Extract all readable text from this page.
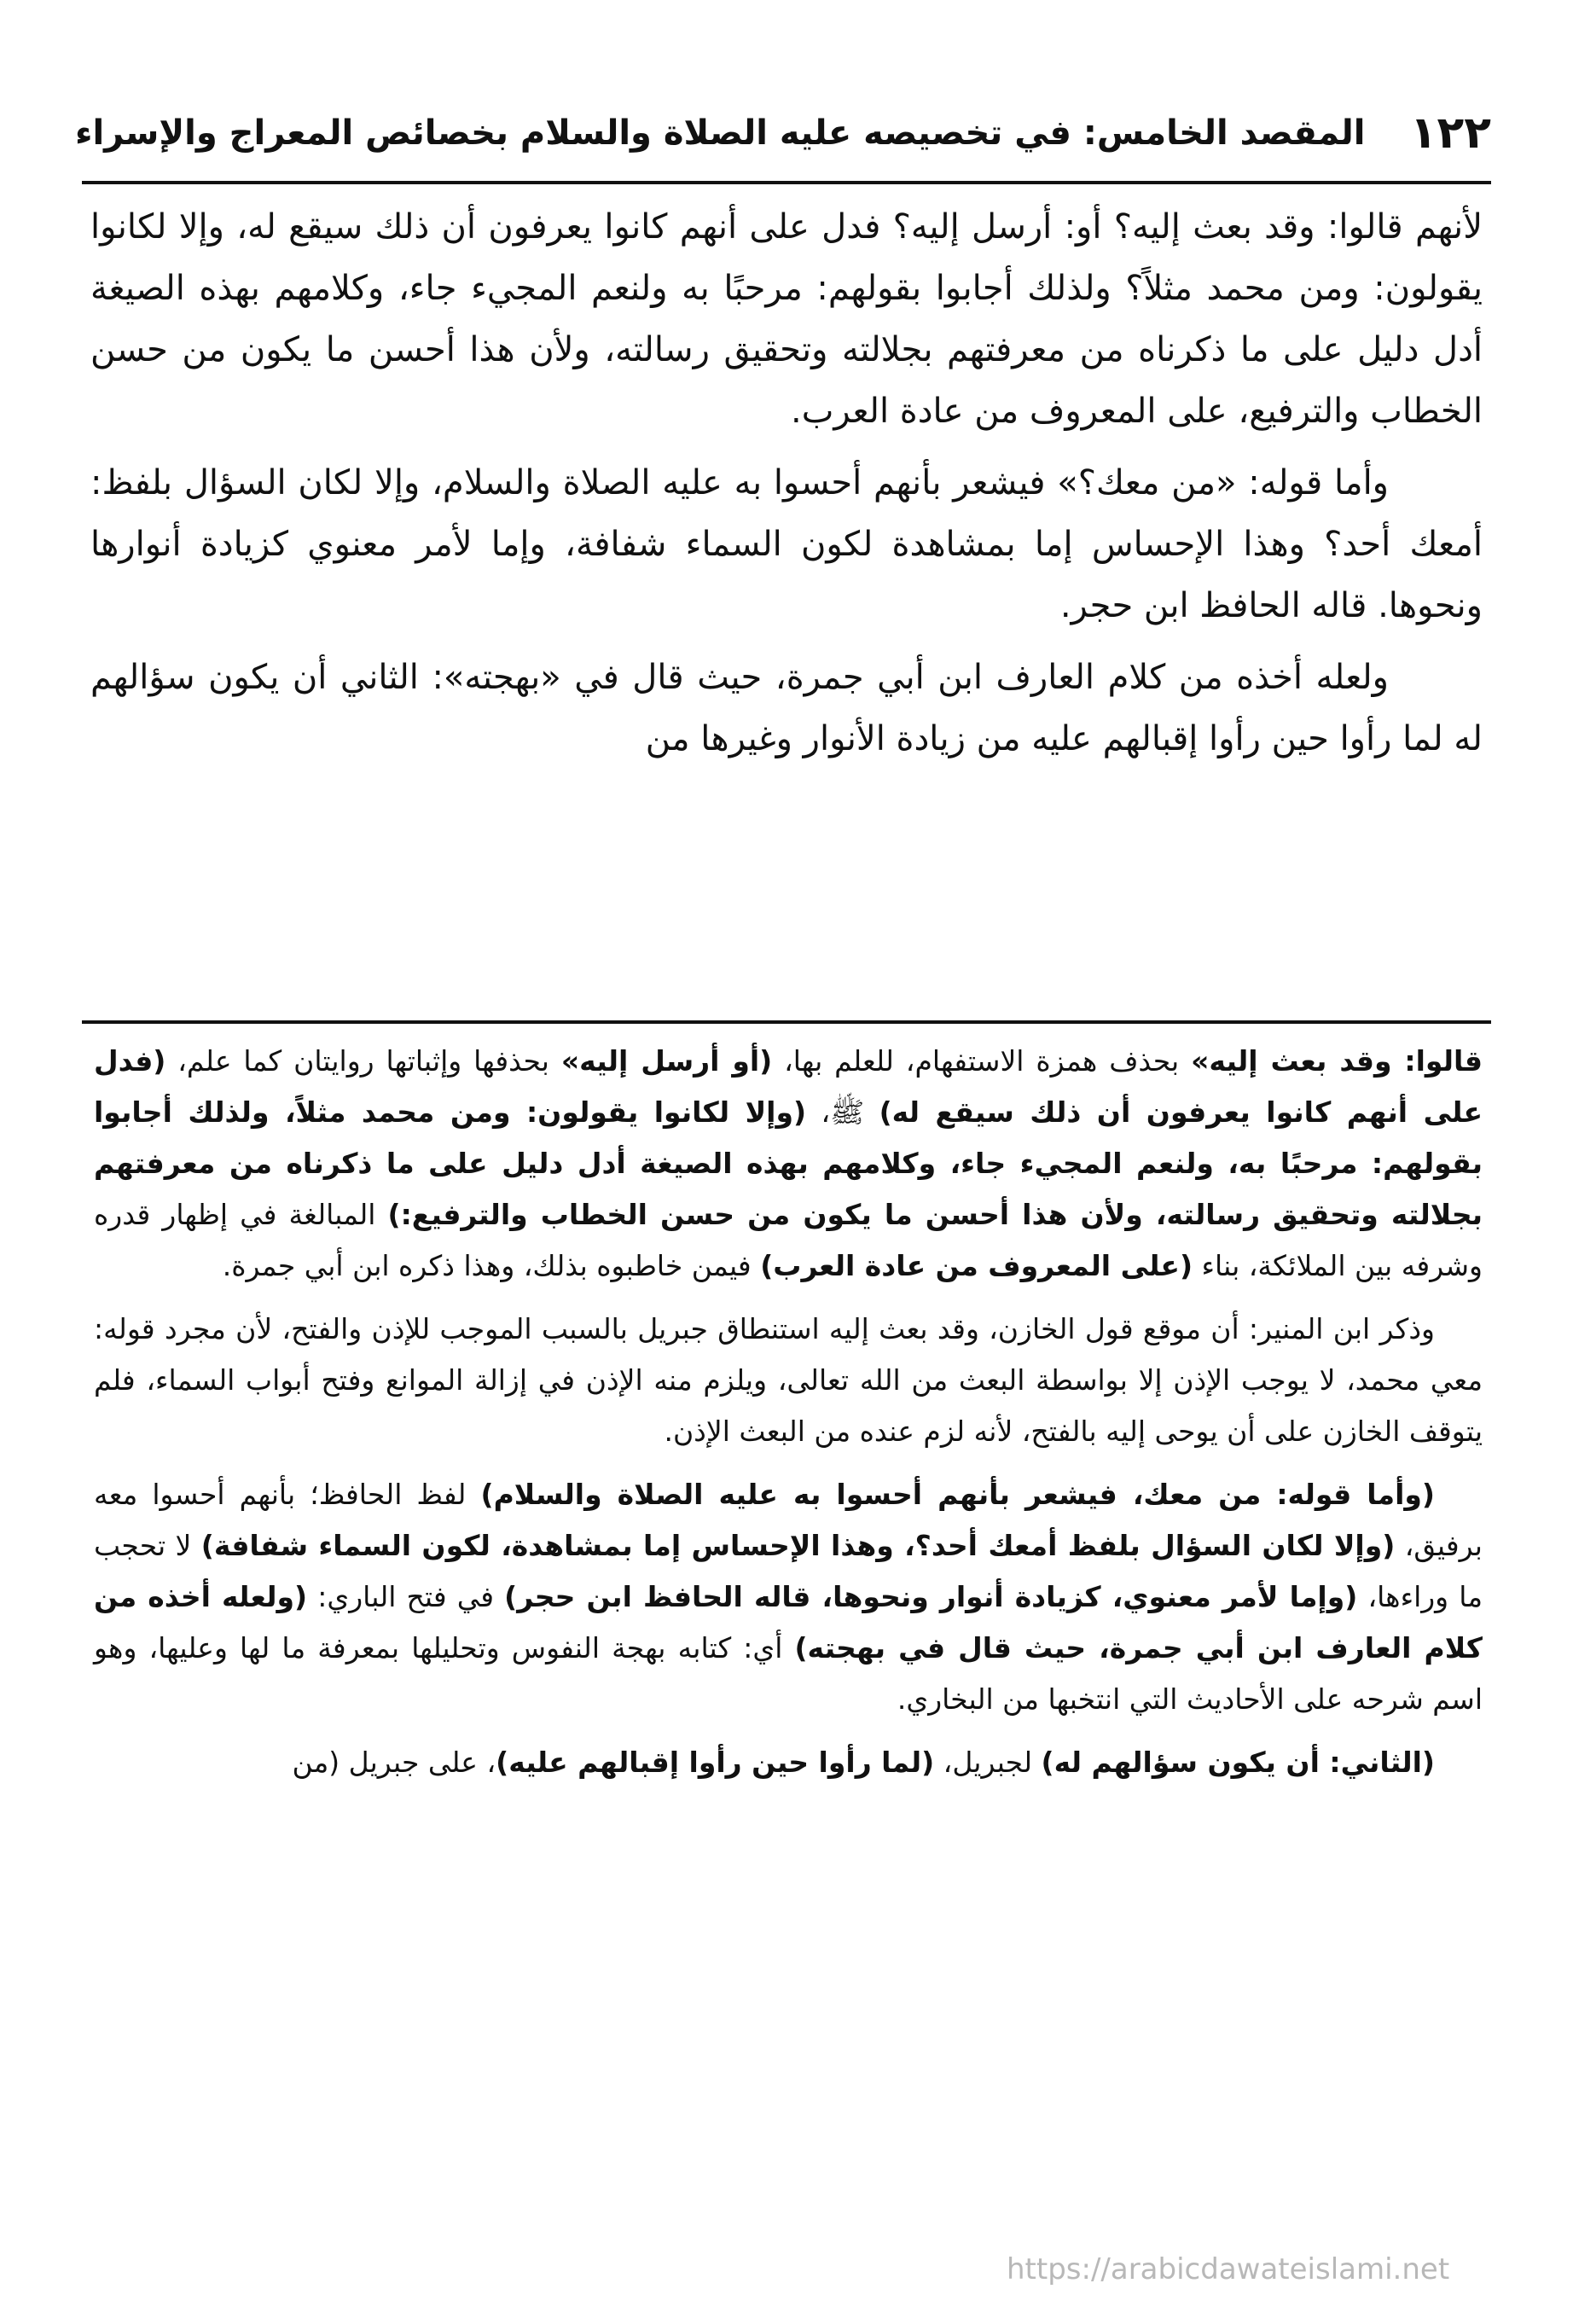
١٢٢
المقصد الخامس: في تخصيصه عليه الصلاة والسلام بخصائص المعراج والإسراء

لأنهم قالوا: وقد بعث إليه؟ أو: أرسل إليه؟ فدل على أنهم كانوا يعرفون أن ذلك سيقع له، وإلا لكانوا يقولون: ومن محمد مثلاً؟ ولذلك أجابوا بقولهم: مرحبًا به ولنعم المجيء جاء، وكلامهم بهذه الصيغة أدل دليل على ما ذكرناه من معرفتهم بجلالته وتحقيق رسالته، ولأن هذا أحسن ما يكون من حسن الخطاب والترفيع، على المعروف من عادة العرب.

وأما قوله: «من معك؟» فيشعر بأنهم أحسوا به عليه الصلاة والسلام، وإلا لكان السؤال بلفظ: أمعك أحد؟ وهذا الإحساس إما بمشاهدة لكون السماء شفافة، وإما لأمر معنوي كزيادة أنوارها ونحوها. قاله الحافظ ابن حجر.

ولعله أخذه من كلام العارف ابن أبي جمرة، حيث قال في «بهجته»: الثاني أن يكون سؤالهم له لما رأوا حين رأوا إقبالهم عليه من زيادة الأنوار وغيرها من

قالوا: وقد بعث إليه» بحذف همزة الاستفهام، للعلم بها، (أو أرسل إليه» بحذفها وإثباتها روايتان كما علم، (فدل على أنهم كانوا يعرفون أن ذلك سيقع له) ﷺ، (وإلا لكانوا يقولون: ومن محمد مثلاً، ولذلك أجابوا بقولهم: مرحبًا به، ولنعم المجيء جاء، وكلامهم بهذه الصيغة أدل دليل على ما ذكرناه من معرفتهم بجلالته وتحقيق رسالته، ولأن هذا أحسن ما يكون من حسن الخطاب والترفيع:) المبالغة في إظهار قدره وشرفه بين الملائكة، بناء (على المعروف من عادة العرب) فيمن خاطبوه بذلك، وهذا ذكره ابن أبي جمرة.

وذكر ابن المنير: أن موقع قول الخازن، وقد بعث إليه استنطاق جبريل بالسبب الموجب للإذن والفتح، لأن مجرد قوله: معي محمد، لا يوجب الإذن إلا بواسطة البعث من الله تعالى، ويلزم منه الإذن في إزالة الموانع وفتح أبواب السماء، فلم يتوقف الخازن على أن يوحى إليه بالفتح، لأنه لزم عنده من البعث الإذن.

(وأما قوله: من معك، فيشعر بأنهم أحسوا به عليه الصلاة والسلام) لفظ الحافظ؛ بأنهم أحسوا معه برفيق، (وإلا لكان السؤال بلفظ أمعك أحد؟، وهذا الإحساس إما بمشاهدة، لكون السماء شفافة) لا تحجب ما وراءها، (وإما لأمر معنوي، كزيادة أنوار ونحوها، قاله الحافظ ابن حجر) في فتح الباري: (ولعله أخذه من كلام العارف ابن أبي جمرة، حيث قال في بهجته) أي: كتابه بهجة النفوس وتحليلها بمعرفة ما لها وعليها، وهو اسم شرحه على الأحاديث التي انتخبها من البخاري.

(الثاني: أن يكون سؤالهم له) لجبريل، (لما رأوا حين رأوا إقبالهم عليه)، على جبريل (من

https://arabicdawateislami.net
